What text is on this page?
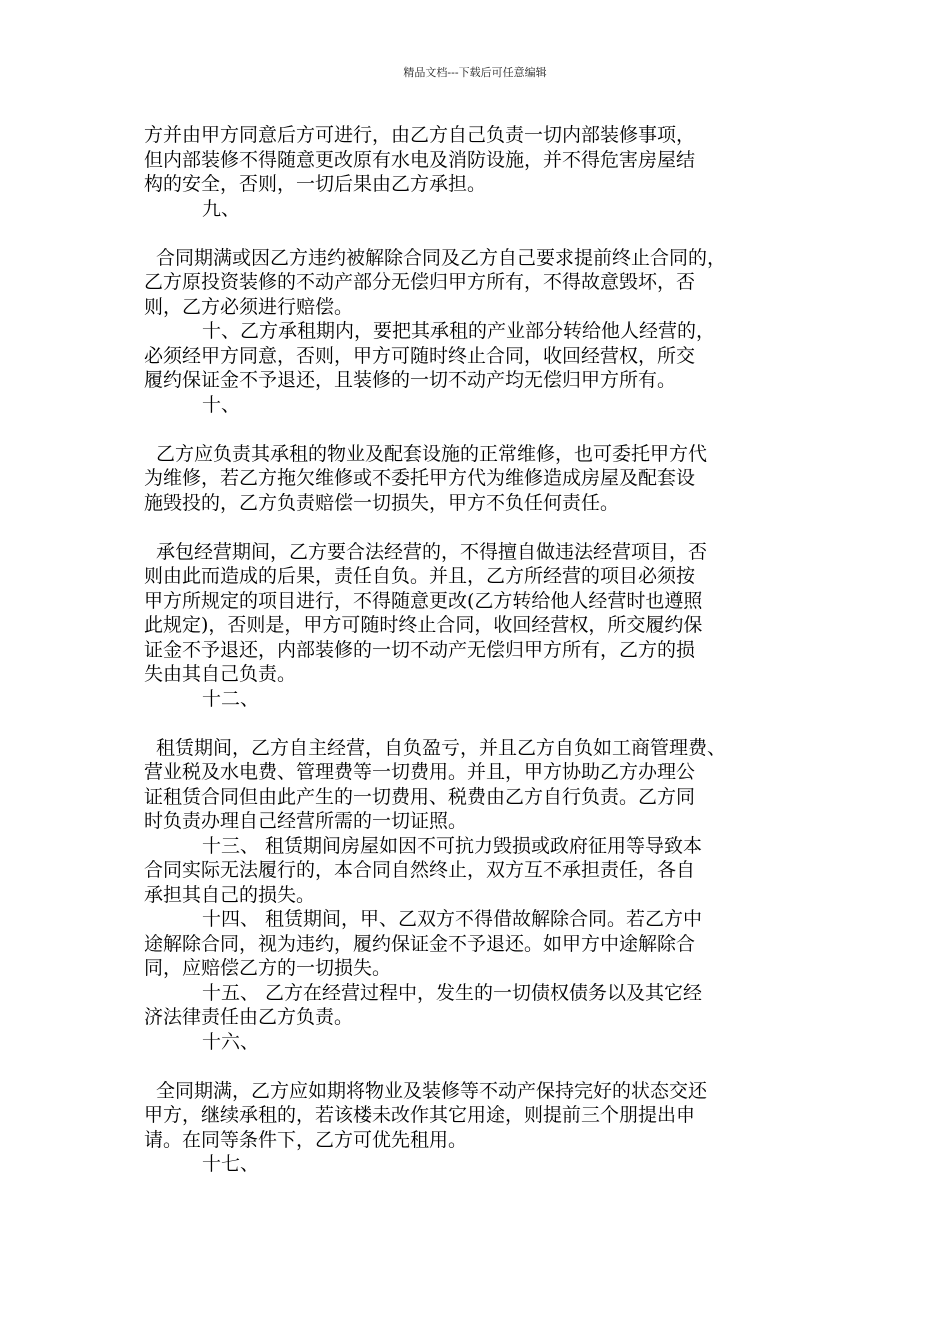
精品文档---下载后可任意编辑
方并由甲方同意后方可进行，由乙方自己负责一切内部装修事项，
但内部装修不得随意更改原有水电及消防设施，并不得危害房屋结
构的安全，否则，一切后果由乙方承担。
九、
合同期满或因乙方违约被解除合同及乙方自己要求提前终止合同的，
乙方原投资装修的不动产部分无偿归甲方所有，不得故意毁坏，否
则，乙方必须进行赔偿。
十、乙方承租期内，要把其承租的产业部分转给他人经营的，
必须经甲方同意，否则，甲方可随时终止合同，收回经营权，所交
履约保证金不予退还，且装修的一切不动产均无偿归甲方所有。
十、
乙方应负责其承租的物业及配套设施的正常维修，也可委托甲方代
为维修，若乙方拖欠维修或不委托甲方代为维修造成房屋及配套设
施毁投的，乙方负责赔偿一切损失，甲方不负任何责任。
承包经营期间，乙方要合法经营的，不得擅自做违法经营项目，否
则由此而造成的后果，责任自负。并且，乙方所经营的项目必须按
甲方所规定的项目进行，不得随意更改(乙方转给他人经营时也遵照
此规定)，否则是，甲方可随时终止合同，收回经营权，所交履约保
证金不予退还，内部装修的一切不动产无偿归甲方所有，乙方的损
失由其自己负责。
十二、
租赁期间，乙方自主经营，自负盈亏，并且乙方自负如工商管理费、
营业税及水电费、管理费等一切费用。并且，甲方协助乙方办理公
证租赁合同但由此产生的一切费用、税费由乙方自行负责。乙方同
时负责办理自己经营所需的一切证照。
十三、 租赁期间房屋如因不可抗力毁损或政府征用等导致本
合同实际无法履行的，本合同自然终止，双方互不承担责任，各自
承担其自己的损失。
十四、 租赁期间，甲、乙双方不得借故解除合同。若乙方中
途解除合同，视为违约，履约保证金不予退还。如甲方中途解除合
同，应赔偿乙方的一切损失。
十五、 乙方在经营过程中，发生的一切债权债务以及其它经
济法律责任由乙方负责。
十六、
全同期满，乙方应如期将物业及装修等不动产保持完好的状态交还
甲方，继续承租的，若该楼未改作其它用途，则提前三个朋提出申
请。在同等条件下，乙方可优先租用。
十七、
